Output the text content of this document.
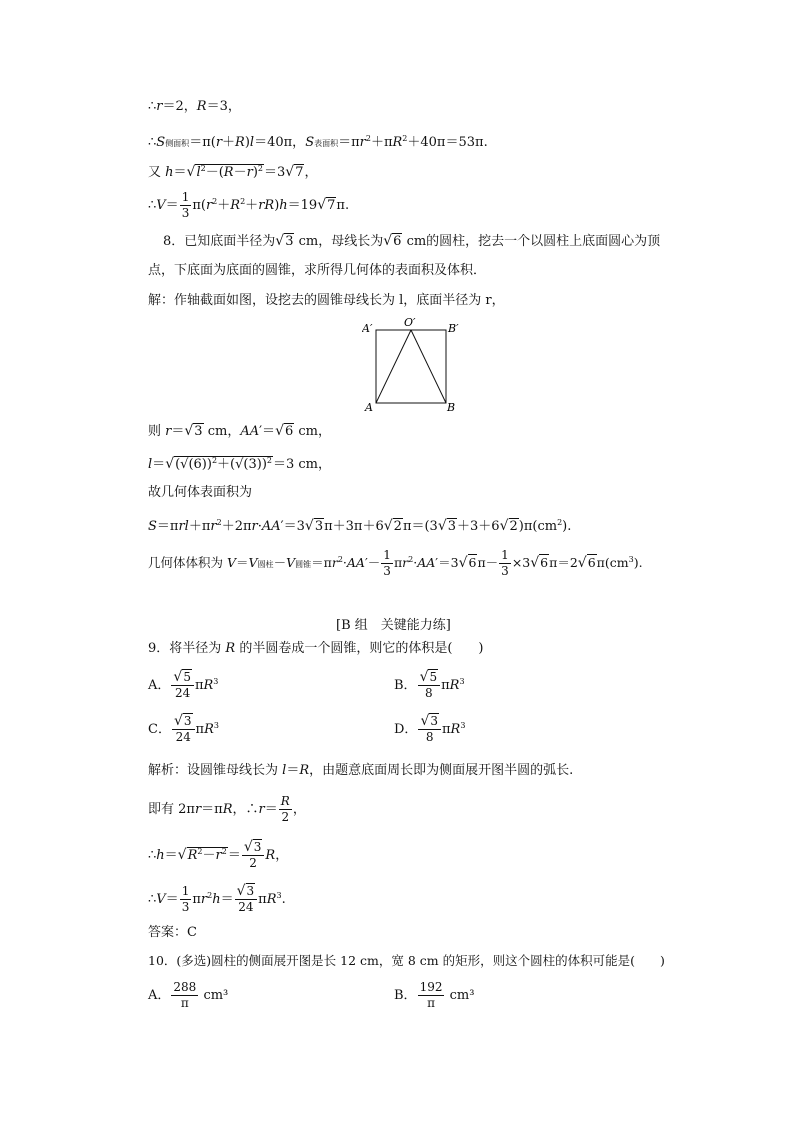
∴r＝2，R＝3，
∴S侧面积＝π(r＋R)l＝40π，S表面积$=\pi r^2+\pi R^2+40\pi=53\pi$.
又 $h=√l^2-(R-r)^2=3√7$，
∴V＝ $\frac{1}{3} \pi(r^2+R^2+rR)h=19√7\pi$.
8．已知底面半径为√3 cm，母线长为√6 cm的圆柱，挖去一个以圆柱上底面圆心为顶
点，下底面为底面的圆锥，求所得几何体的表面积及体积．
解：作轴截面如图，设挖去的圆锥母线长为 l，底面半径为 r，
A′	O′	B′
A	B
则 r＝√3 cm，AA′＝√6 cm，
$l=√(√(6))^2+(√(3))^2=3$ cm，
故几何体表面积为
$S=\pi rl+\pi r^2+2\pi r\cdot AA'=3√3\pi+3\pi+6√2\pi=(3√3+3+6√2)\pi(cm^2)$.
几何体体积为 V＝V圆柱－V圆锥$=\pi r^2\cdot AA'- \frac{1}{3} \pi r^2\cdot AA'=3√6\pi- \frac{1}{3} \times 3√6\pi=2√6\pi(cm^3)$.
[B 组　关键能力练]
9．将半径为 R 的半圆卷成一个圆锥，则它的体积是(　　)
A． $\frac{√5}{24} \pi R^3$	B． $\frac{√5}{8} \pi R^3$
C． $\frac{√3}{24} \pi R^3$	D． $\frac{√3}{8} \pi R^3$
解析：设圆锥母线长为 l＝R，由题意底面周长即为侧面展开图半圆的弧长.
即有 2πr＝πR，∴r＝ $\frac{R}{2}$ ，
$\therefore h=√R^2-r^2= \frac{√3}{2}$ R，
∴V＝ $\frac{1}{3} \pi r^2h= \frac{√3}{24} \pi R^3$.
答案：C
10．(多选)圆柱的侧面展开图是长 12 cm，宽 8 cm 的矩形，则这个圆柱的体积可能是(　　)
A． $\frac{288}{\pi} cm^3$	B． $\frac{192}{\pi} cm^3$
